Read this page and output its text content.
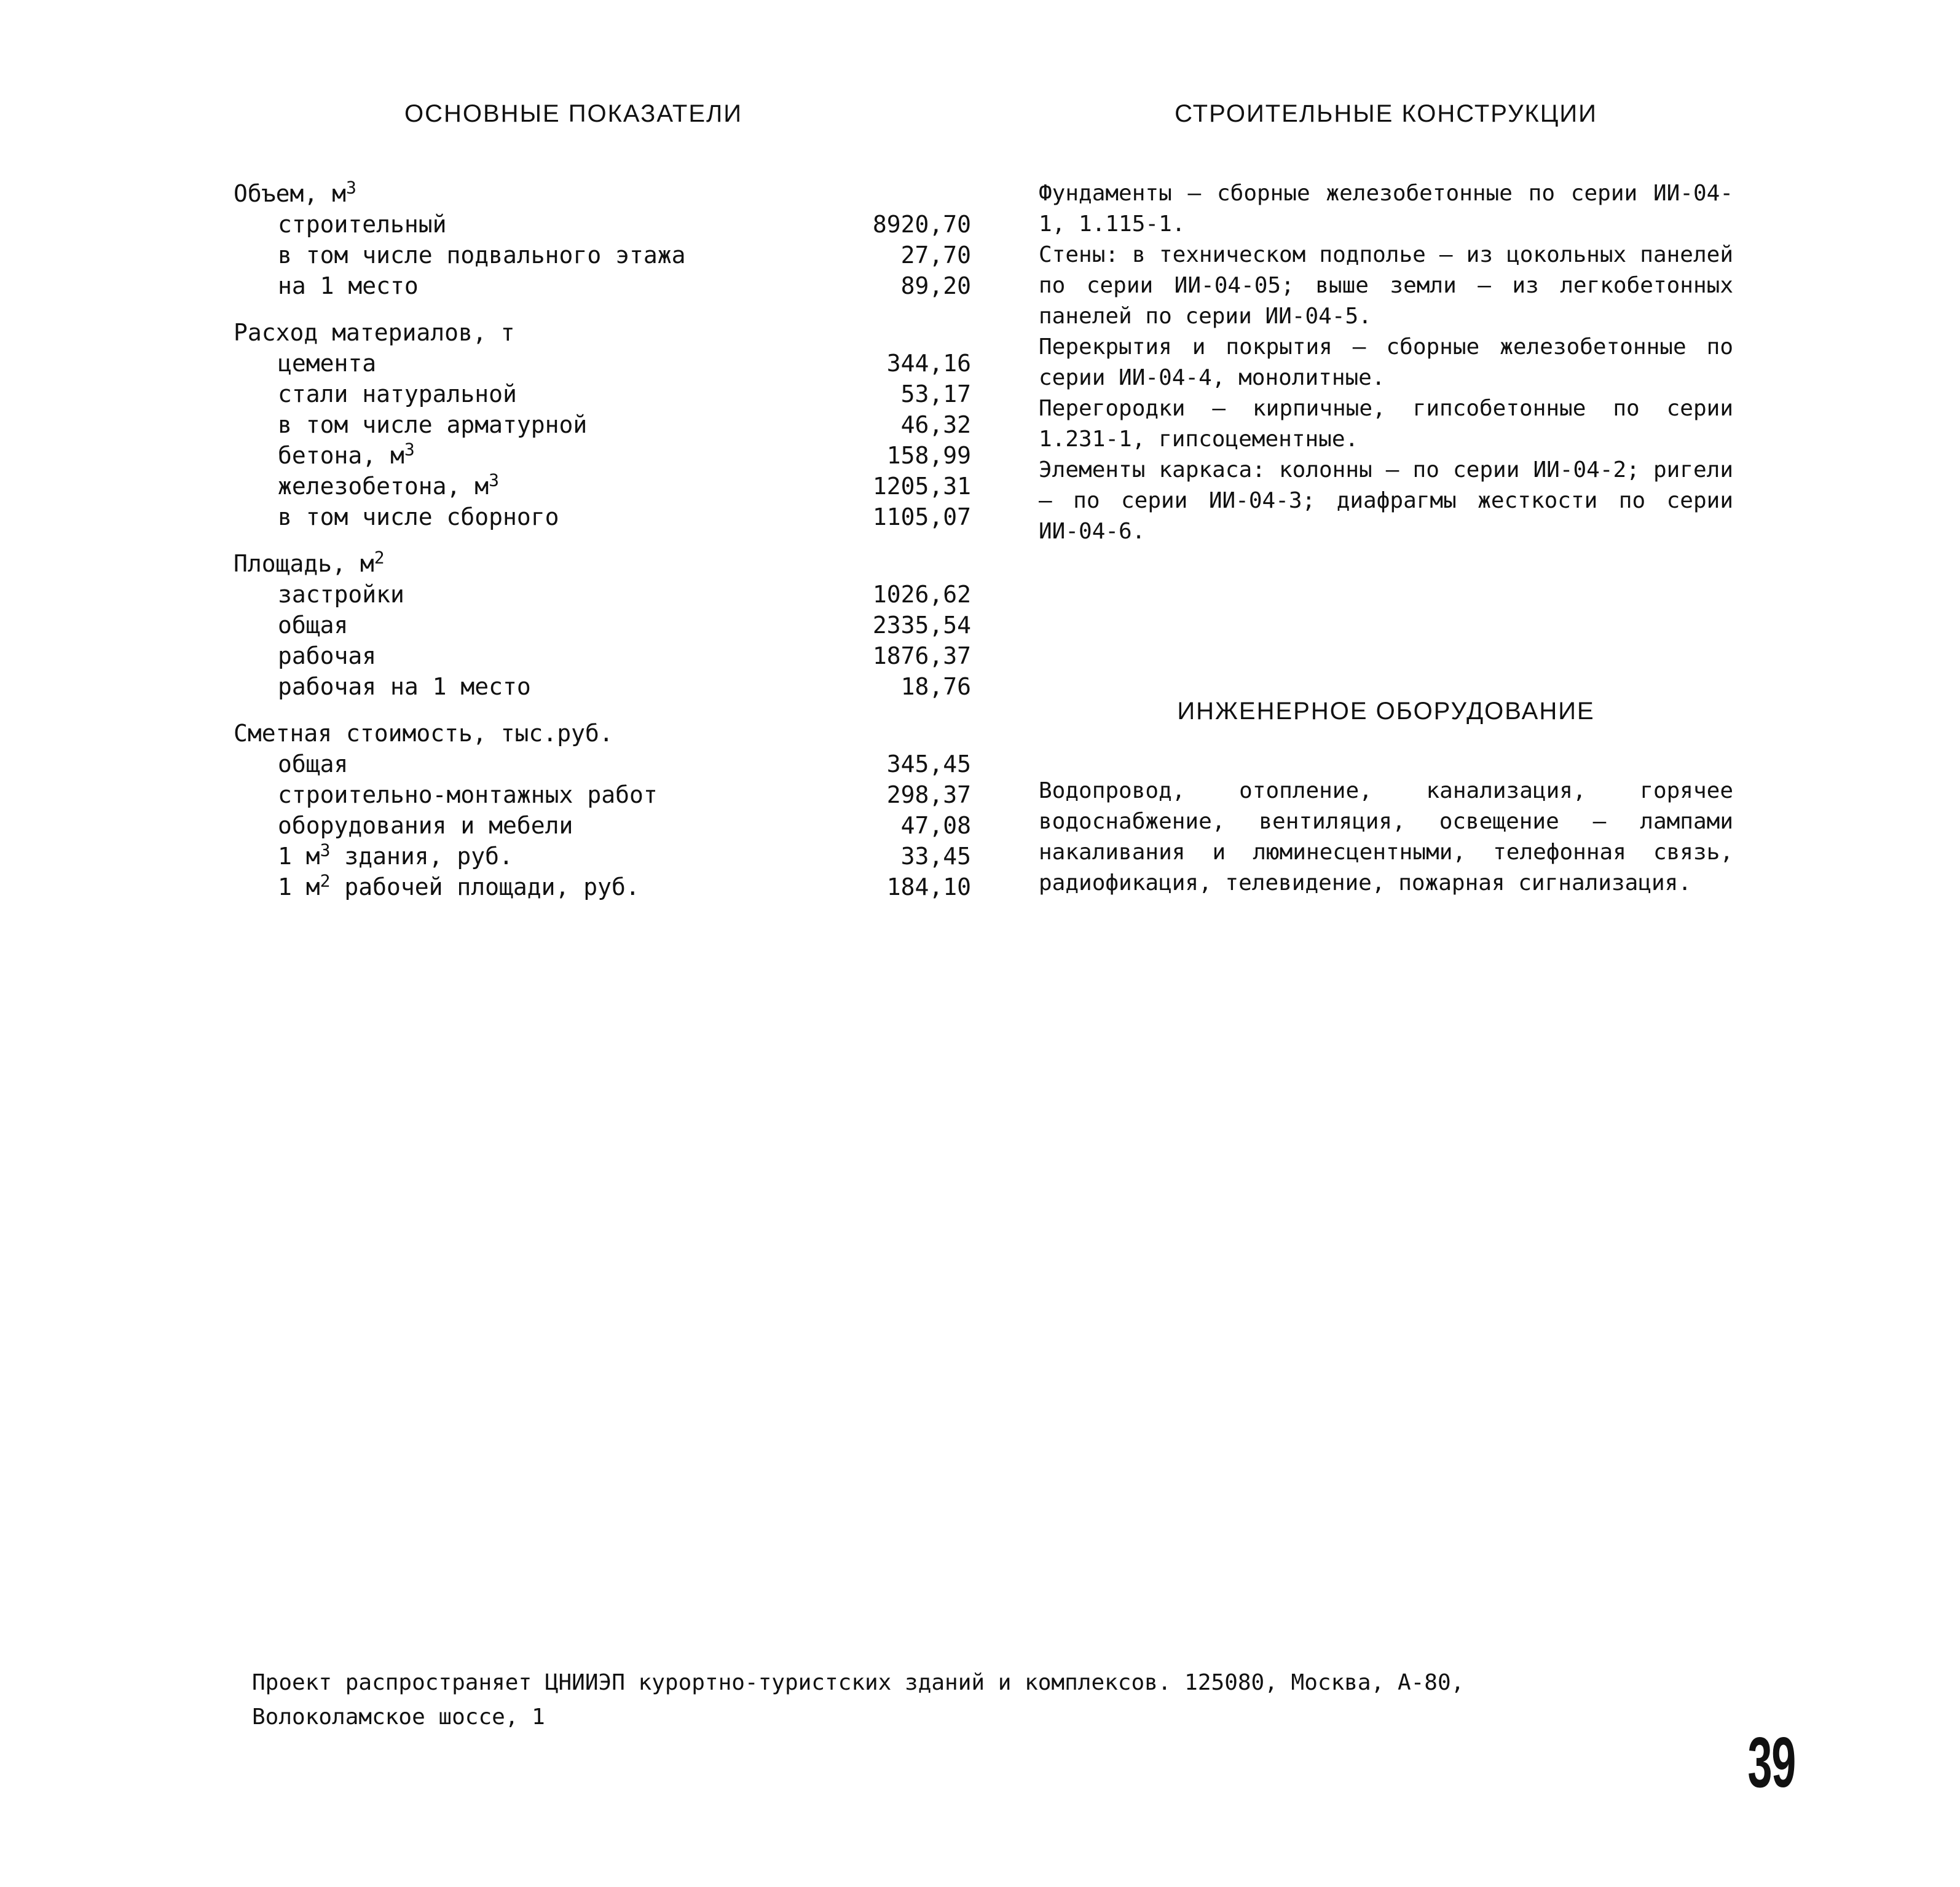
ОСНОВНЫЕ ПОКАЗАТЕЛИ
Объем, $м^3$
строительный	8920,70
в том числе подвального этажа	27,70
на 1 место	89,20
Расход материалов, т
цемента	344,16
стали натуральной	53,17
в том числе арматурной	46,32
бетона, $м^3$	158,99
железобетона, $м^3$	1205,31
в том числе сборного	1105,07
Площадь, $м^2$
застройки	1026,62
общая	2335,54
рабочая	1876,37
рабочая на 1 место	18,76
Сметная стоимость, тыс.руб.
общая	345,45
строительно-монтажных работ	298,37
оборудования и мебели	47,08
1 $м^3$ здания, руб.	33,45
1 $м^2$ рабочей площади, руб.	184,10
СТРОИТЕЛЬНЫЕ КОНСТРУКЦИИ

Фундаменты – сборные железобетонные по серии ИИ-04-1, 1.115-1.

Стены: в техническом подполье – из цокольных панелей по серии ИИ-04-05; выше земли – из легкобетонных панелей по серии ИИ-04-5.

Перекрытия и покрытия – сборные железобетонные по серии ИИ-04-4, монолитные.

Перегородки – кирпичные, гипсобетонные по серии 1.231-1, гипсоцементные.

Элементы каркаса: колонны – по серии ИИ-04-2; ригели – по серии ИИ-04-3; диафрагмы жесткости по серии ИИ-04-6.

ИНЖЕНЕРНОЕ ОБОРУДОВАНИЕ

Водопровод, отопление, канализация, горячее водоснабжение, вентиляция, освещение – лампами накаливания и люминесцентными, телефонная связь, радиофикация, телевидение, пожарная сигнализация.

Проект распространяет ЦНИИЭП курортно-туристских зданий и комплексов. 125080, Москва, А-80,
Волоколамское шоссе, 1
39
